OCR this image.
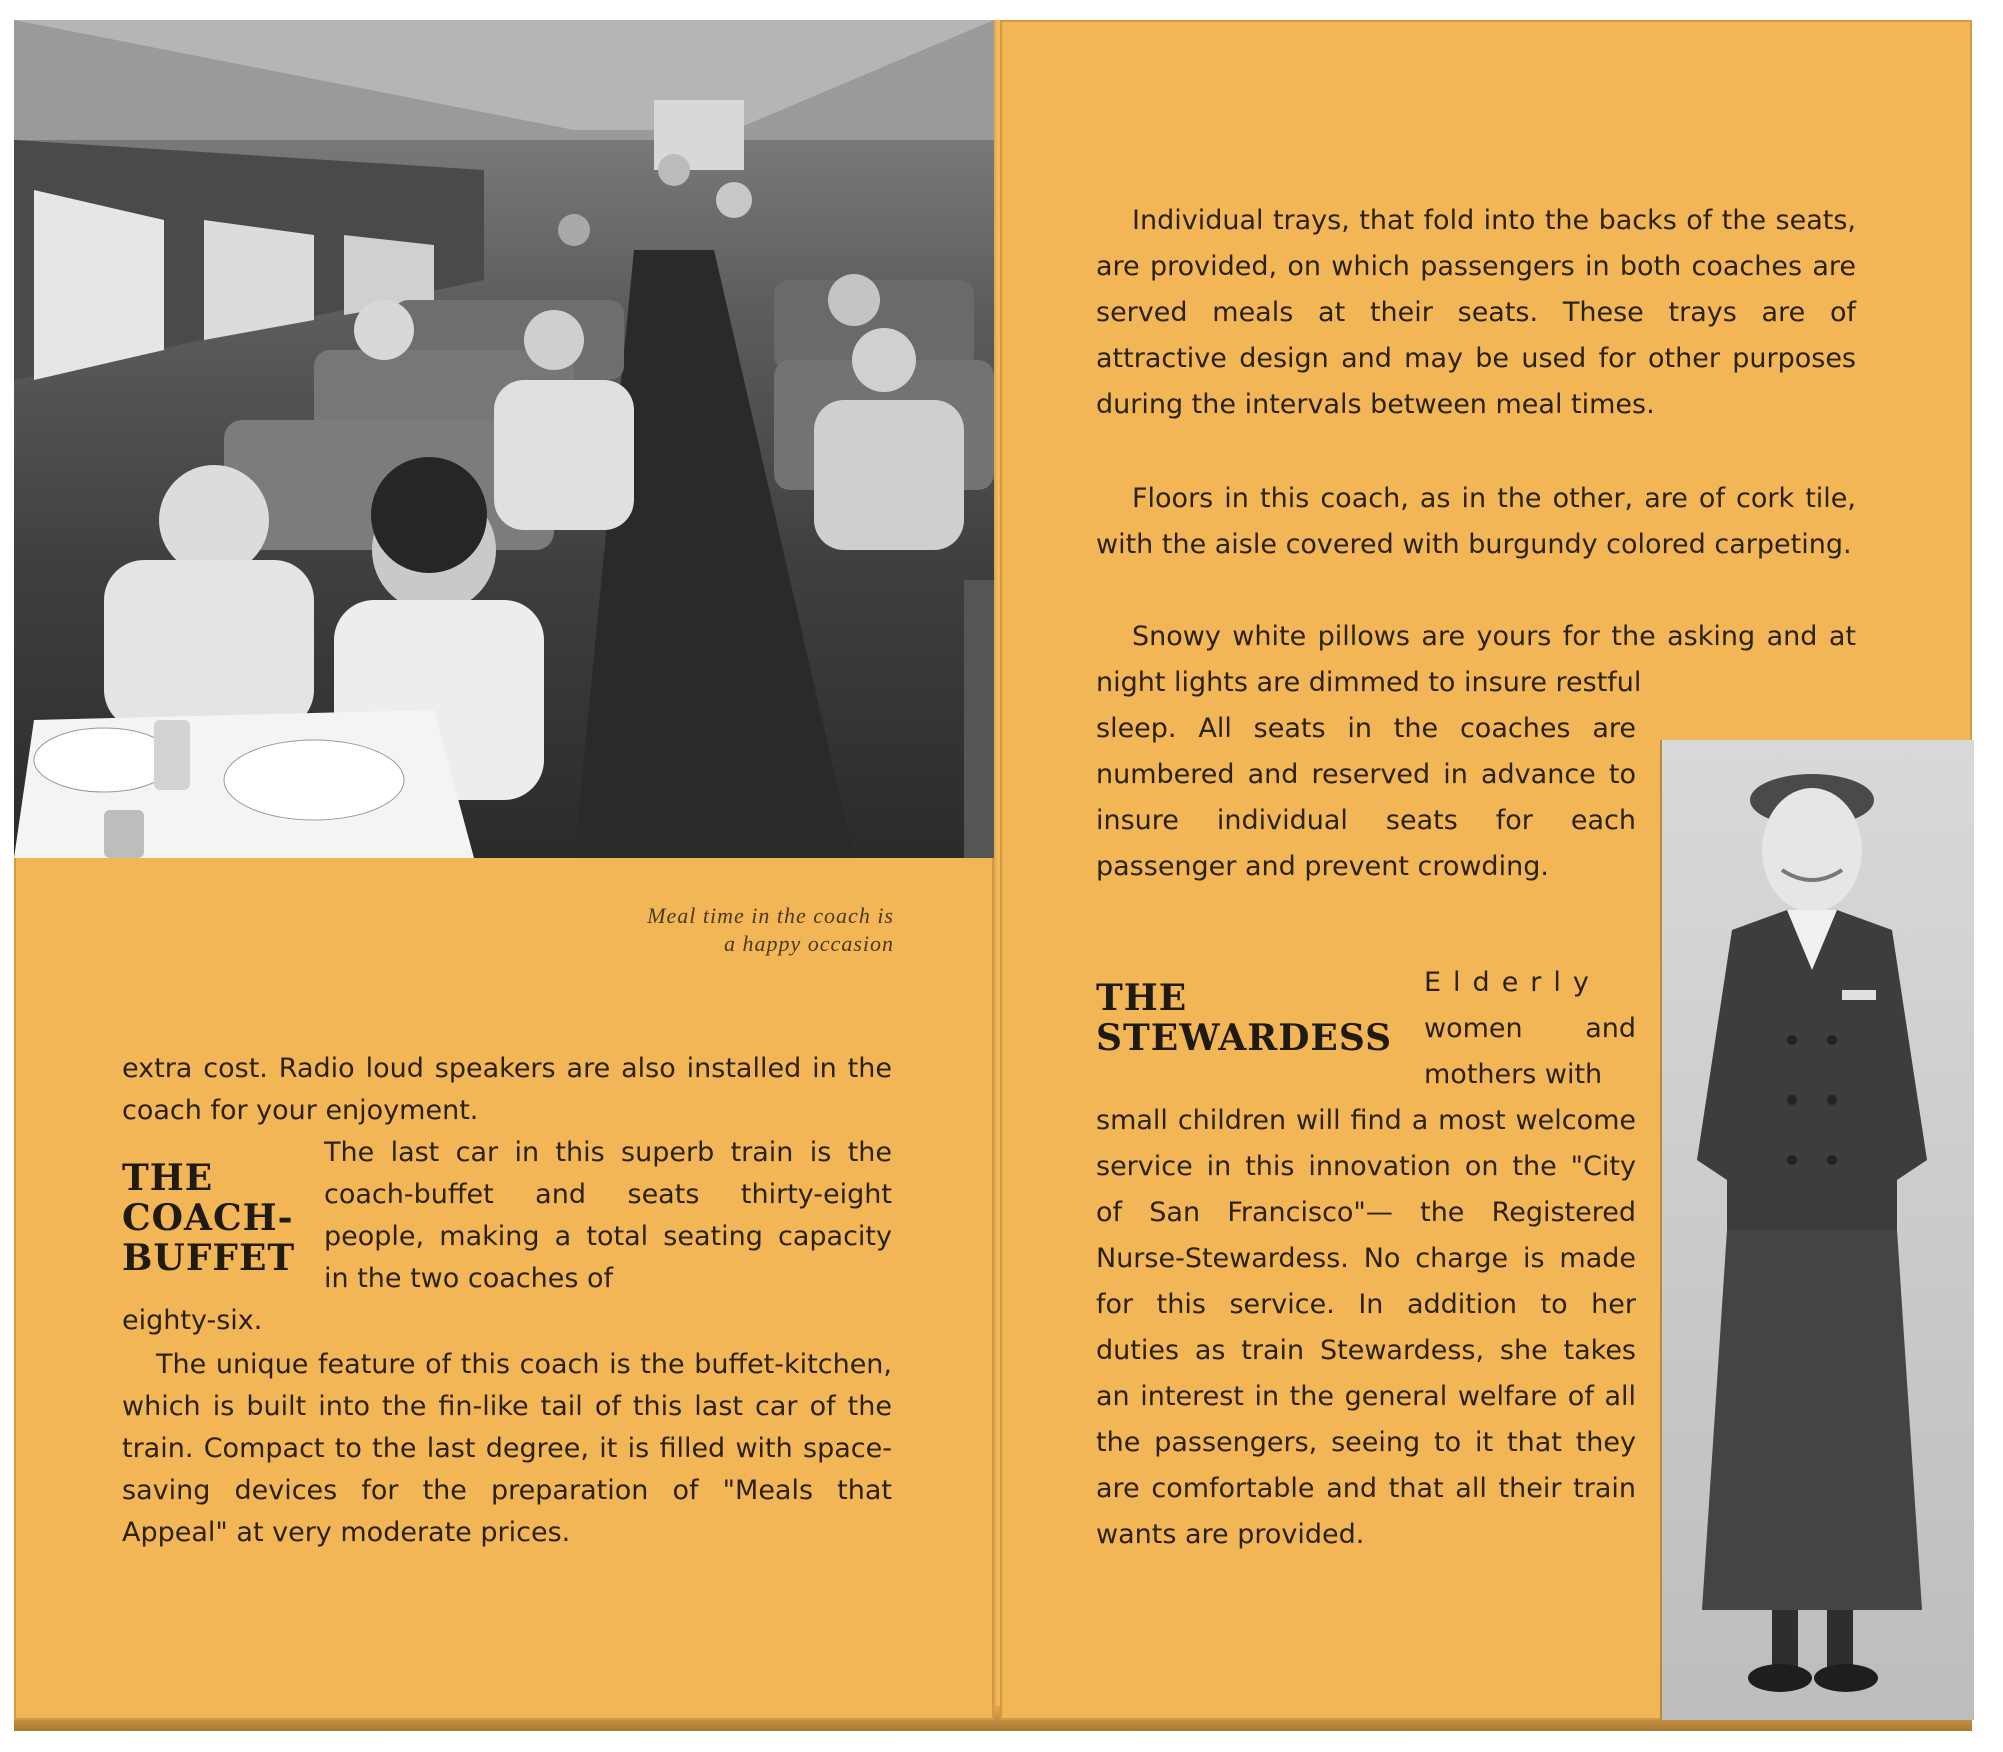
Meal time in the coach is
a happy occasion

extra cost. Radio loud speakers are also installed in the coach for your enjoyment.

THE
COACH-
BUFFET

The last car in this superb train is the coach-buffet and seats thirty-eight people, making a total seating capacity in the two coaches of

eighty-six.

The unique feature of this coach is the buffet-kitchen, which is built into the fin-like tail of this last car of the train. Compact to the last degree, it is filled with space-saving devices for the preparation of "Meals that Appeal" at very moderate prices.

Individual trays, that fold into the backs of the seats, are provided, on which passengers in both coaches are served meals at their seats. These trays are of attractive design and may be used for other purposes during the intervals between meal times.

Floors in this coach, as in the other, are of cork tile, with the aisle covered with burgundy colored carpeting.

Snowy white pillows are yours for the asking and at night lights are dimmed to insure restful

sleep. All seats in the coaches are numbered and reserved in advance to insure individual seats for each passenger and prevent crowding.

THE
STEWARDESS

Elderly

women and mothers with

small children will find a most welcome service in this innovation on the "City of San Francisco"— the Registered Nurse-Stewardess. No charge is made for this service. In addition to her duties as train Stewardess, she takes an interest in the general welfare of all the passengers, seeing to it that they are comfortable and that all their train wants are provided.
